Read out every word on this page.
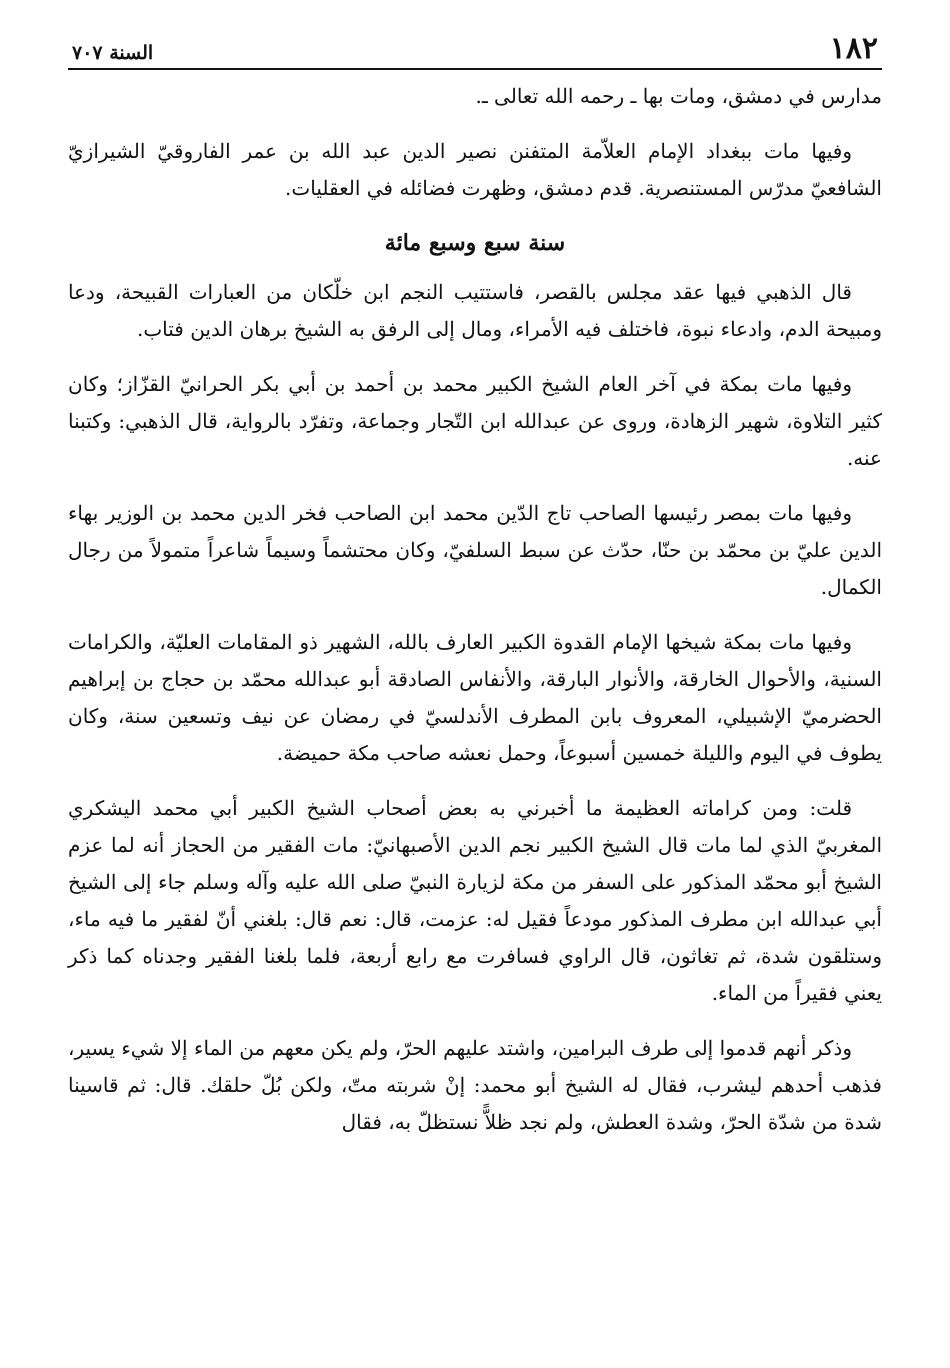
١٨٢
السنة ٧٠٧

مدارس في دمشق، ومات بها ـ رحمه الله تعالى ـ.

وفيها مات ببغداد الإمام العلاّمة المتفنن نصير الدين عبد الله بن عمر الفاروقيّ الشيرازيّ الشافعيّ مدرّس المستنصرية. قدم دمشق، وظهرت فضائله في العقليات.

سنة سبع وسبع مائة

قال الذهبي فيها عقد مجلس بالقصر، فاستتيب النجم ابن خلّكان من العبارات القبيحة، ودعا ومبيحة الدم، وادعاء نبوة، فاختلف فيه الأمراء، ومال إلى الرفق به الشيخ برهان الدين فتاب.

وفيها مات بمكة في آخر العام الشيخ الكبير محمد بن أحمد بن أبي بكر الحرانيّ القزّاز؛ وكان كثير التلاوة، شهير الزهادة، وروى عن عبدالله ابن التّجار وجماعة، وتفرّد بالرواية، قال الذهبي: وكتبنا عنه.

وفيها مات بمصر رئيسها الصاحب تاج الدّين محمد ابن الصاحب فخر الدين محمد بن الوزير بهاء الدين عليّ بن محمّد بن حنّا، حدّث عن سبط السلفيّ، وكان محتشماً وسيماً شاعراً متمولاً من رجال الكمال.

وفيها مات بمكة شيخها الإمام القدوة الكبير العارف بالله، الشهير ذو المقامات العليّة، والكرامات السنية، والأحوال الخارقة، والأنوار البارقة، والأنفاس الصادقة أبو عبدالله محمّد بن حجاج بن إبراهيم الحضرميّ الإشبيلي، المعروف بابن المطرف الأندلسيّ في رمضان عن نيف وتسعين سنة، وكان يطوف في اليوم والليلة خمسين أسبوعاً، وحمل نعشه صاحب مكة حميضة.

قلت: ومن كراماته العظيمة ما أخبرني به بعض أصحاب الشيخ الكبير أبي محمد اليشكري المغربيّ الذي لما مات قال الشيخ الكبير نجم الدين الأصبهانيّ: مات الفقير من الحجاز أنه لما عزم الشيخ أبو محمّد المذكور على السفر من مكة لزيارة النبيّ صلى الله عليه وآله وسلم جاء إلى الشيخ أبي عبدالله ابن مطرف المذكور مودعاً فقيل له: عزمت، قال: نعم قال: بلغني أنّ لفقير ما فيه ماء، وستلقون شدة، ثم تغاثون، قال الراوي فسافرت مع رابع أربعة، فلما بلغنا الفقير وجدناه كما ذكر يعني فقيراً من الماء.

وذكر أنهم قدموا إلى طرف البرامين، واشتد عليهم الحرّ، ولم يكن معهم من الماء إلا شيء يسير، فذهب أحدهم ليشرب، فقال له الشيخ أبو محمد: إنْ شربته متّ، ولكن بُلّ حلقك. قال: ثم قاسينا شدة من شدّة الحرّ، وشدة العطش، ولم نجد ظلاًّ نستظلّ به، فقال
